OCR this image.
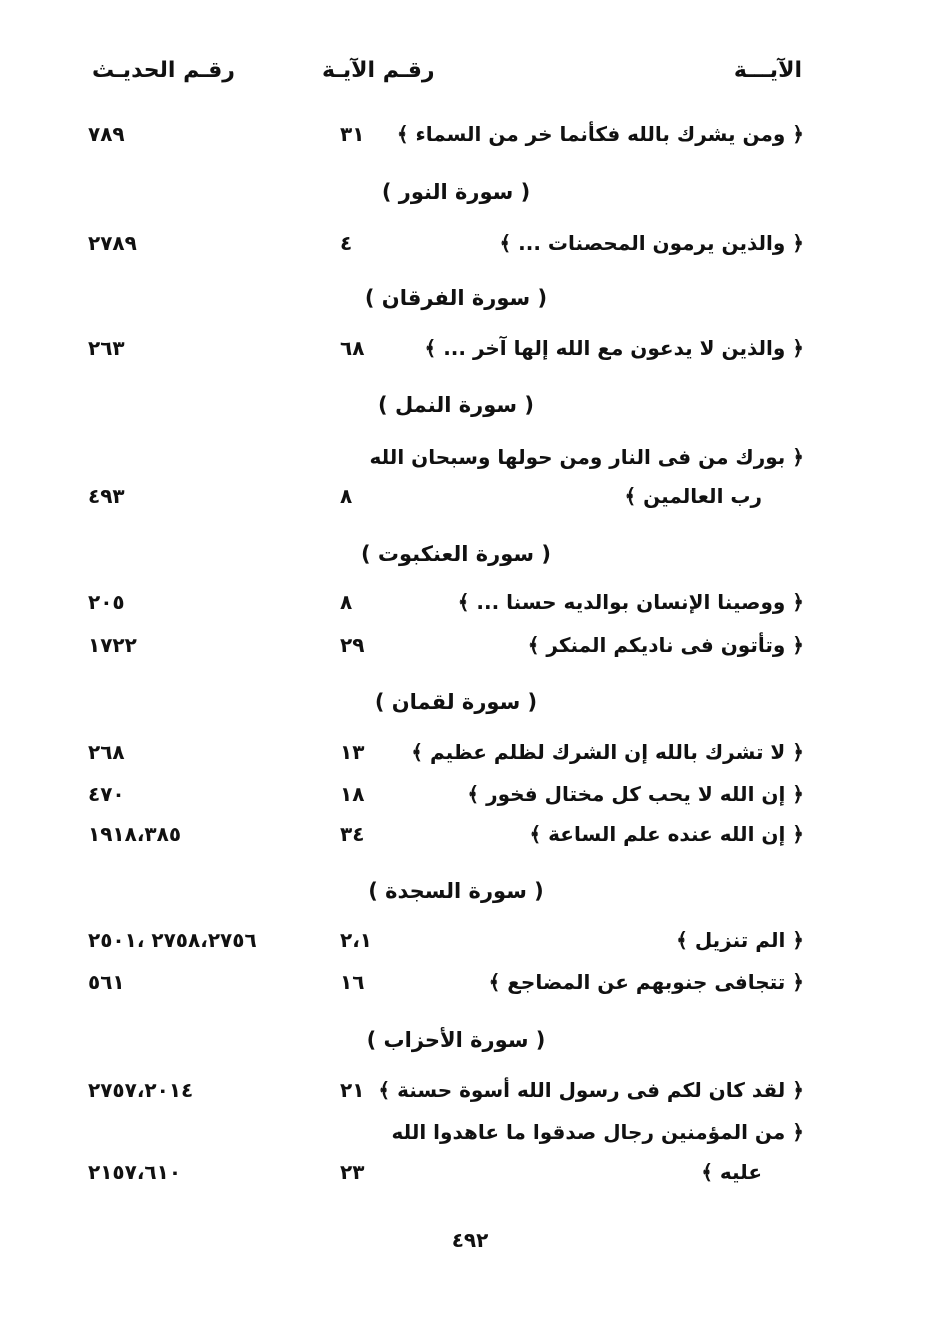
الآيـــة
رقـم الآيـة
رقـم الحديـث
﴿ ومن يشرك بالله فكأنما خر من السماء ﴾
٣١
٧٨٩
( سورة النور )
﴿ والذين يرمون المحصنات ... ﴾
٤
٢٧٨٩
( سورة الفرقان )
﴿ والذين لا يدعون مع الله إلها آخر ... ﴾
٦٨
٢٦٣
( سورة النمل )
﴿ بورك من فى النار ومن حولها وسبحان الله
رب العالمين ﴾
٨
٤٩٣
( سورة العنكبوت )
﴿ ووصينا الإنسان بوالديه حسنا ... ﴾
٨
٢٠٥
﴿ وتأتون فى ناديكم المنكر ﴾
٢٩
١٧٢٢
( سورة لقمان )
﴿ لا تشرك بالله إن الشرك لظلم عظيم ﴾
١٣
٢٦٨
﴿ إن الله لا يحب كل مختال فخور ﴾
١٨
٤٧٠
﴿ إن الله عنده علم الساعة ﴾
٣٤
١٩١٨،٣٨٥
( سورة السجدة )
﴿ الم تنزيل ﴾
٢،١
٢٧٥٨،٢٧٥٦ ،٢٥٠١
﴿ تتجافى جنوبهم عن المضاجع ﴾
١٦
٥٦١
( سورة الأحزاب )
﴿ لقد كان لكم فى رسول الله أسوة حسنة ﴾
٢١
٢٧٥٧،٢٠١٤
﴿ من المؤمنين رجال صدقوا ما عاهدوا الله
عليه ﴾
٢٣
٢١٥٧،٦١٠
٤٩٢
